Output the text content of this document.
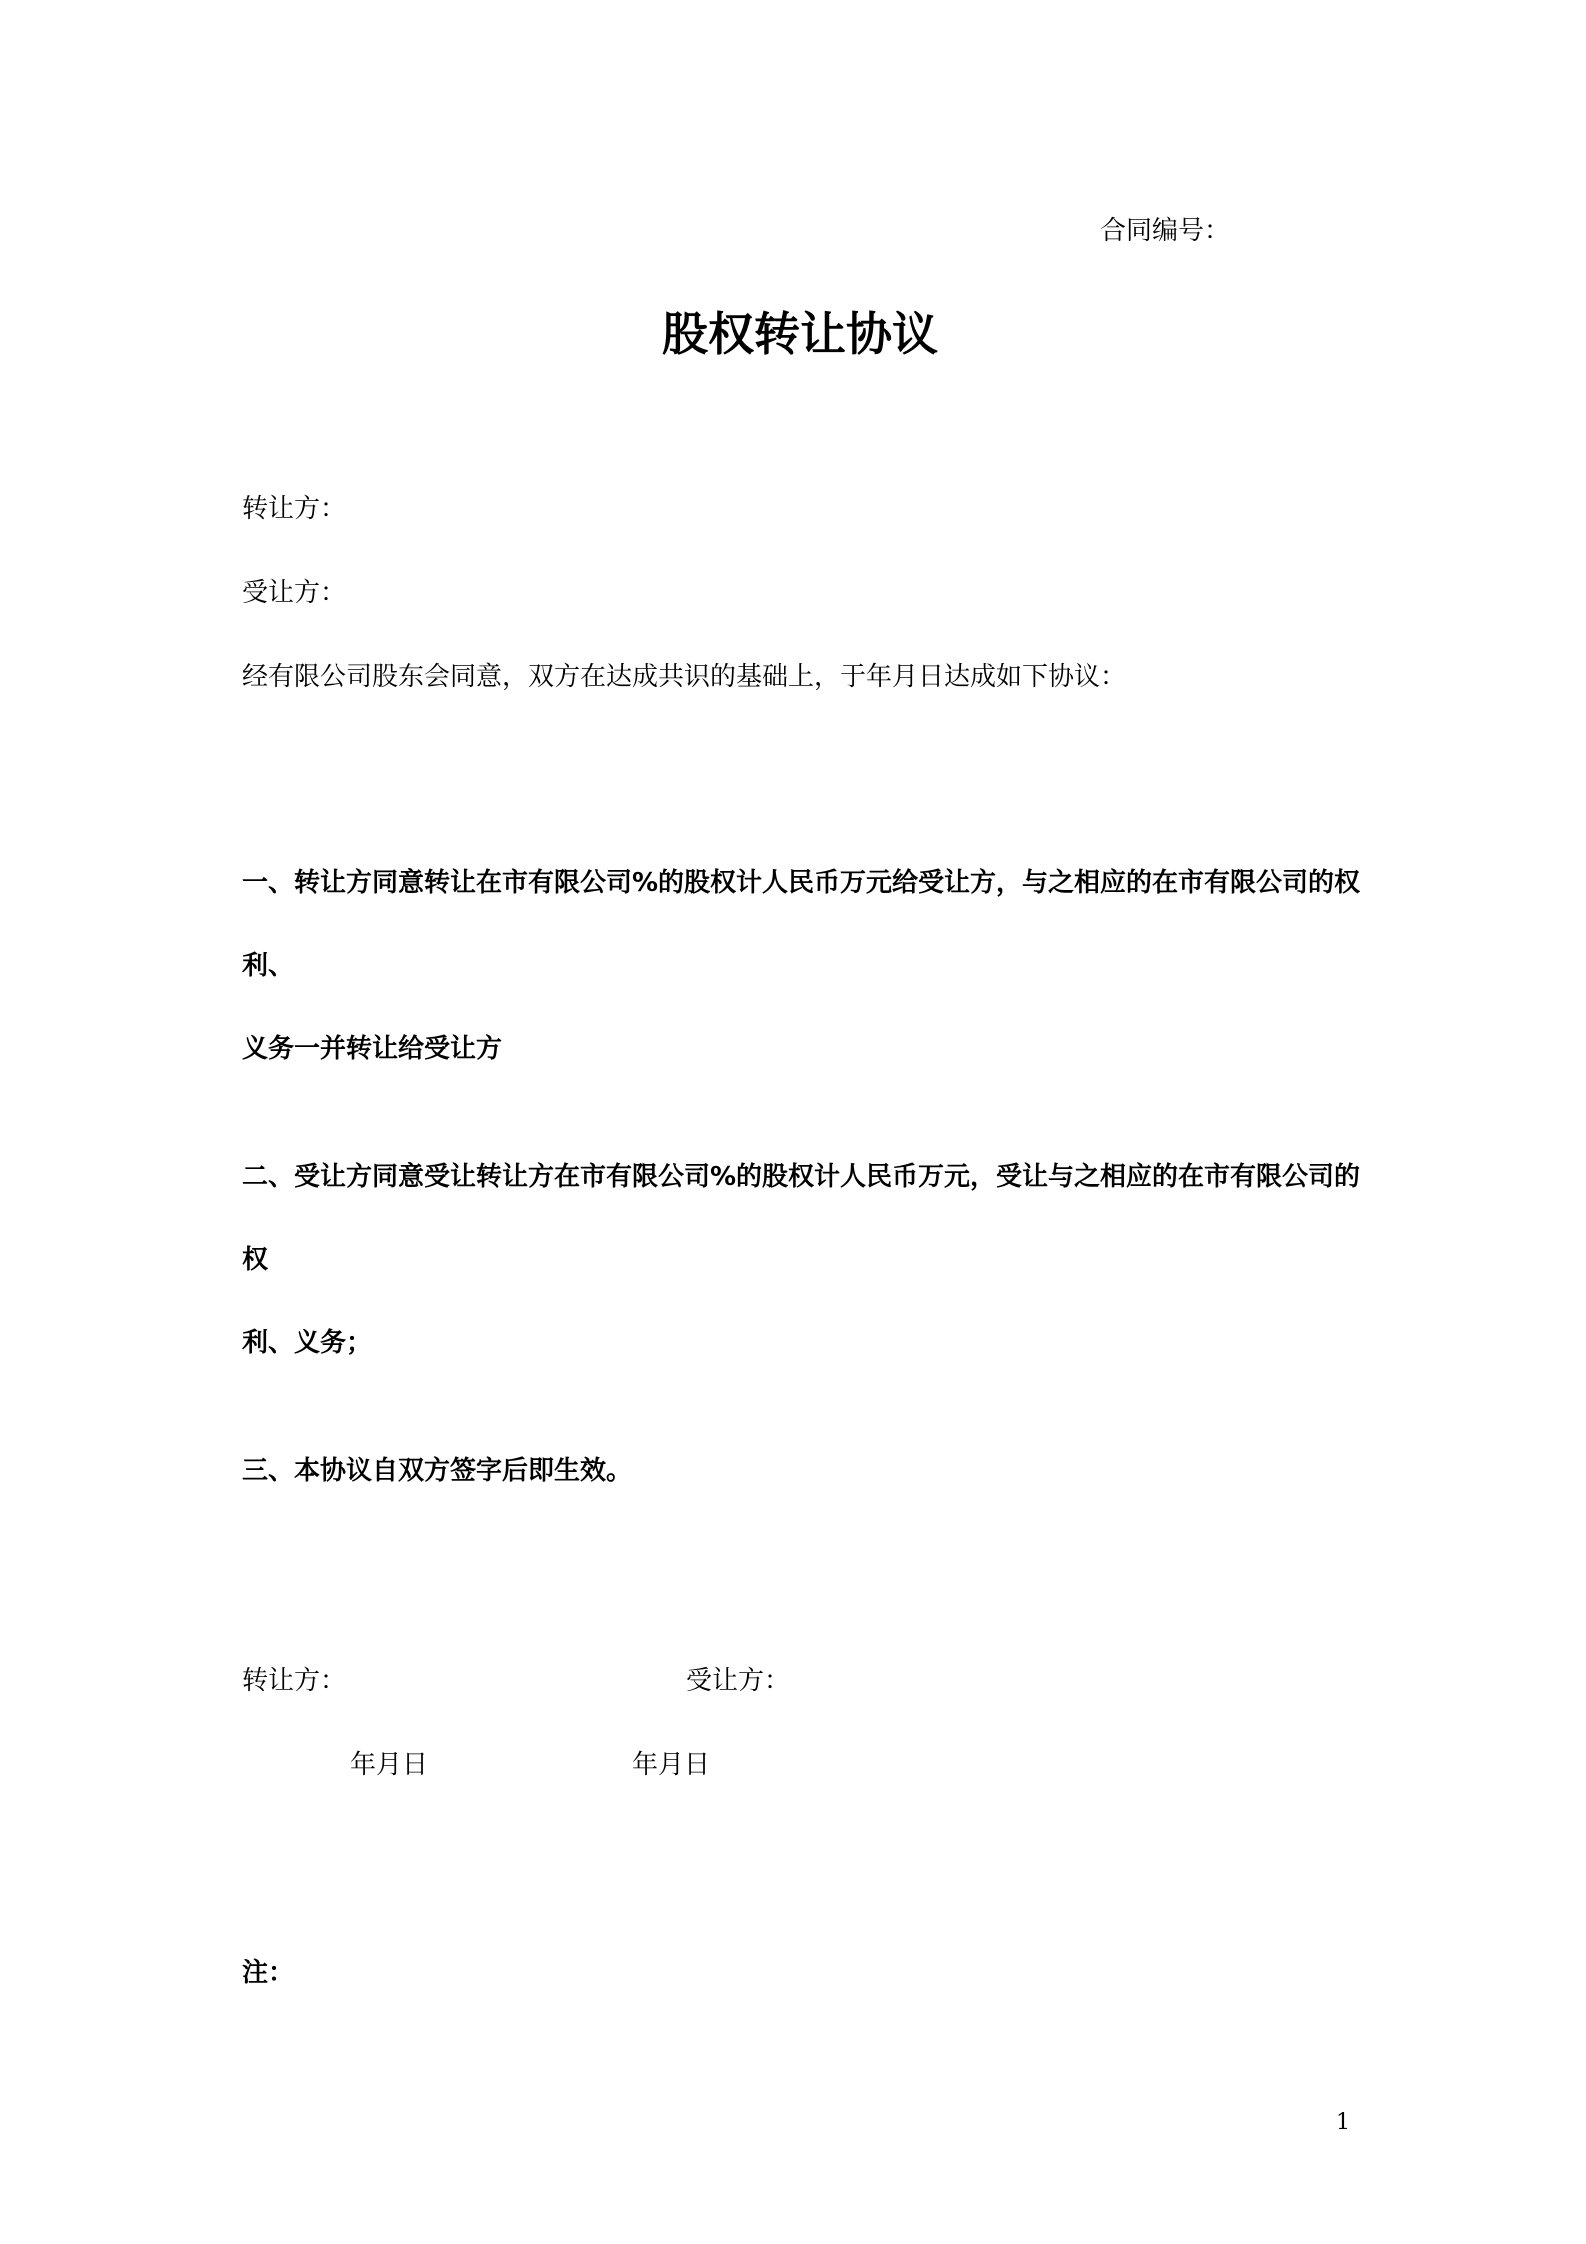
合同编号：
股权转让协议
转让方：
受让方：
经有限公司股东会同意，双方在达成共识的基础上，于年月日达成如下协议：
一、转让方同意转让在市有限公司%的股权计人民币万元给受让方，与之相应的在市有限公司的权利、
义务一并转让给受让方
二、受让方同意受让转让方在市有限公司%的股权计人民币万元，受让与之相应的在市有限公司的权
利、义务；
三、本协议自双方签字后即生效。
转让方：	受让方：
年月日	年月日
注：
1
